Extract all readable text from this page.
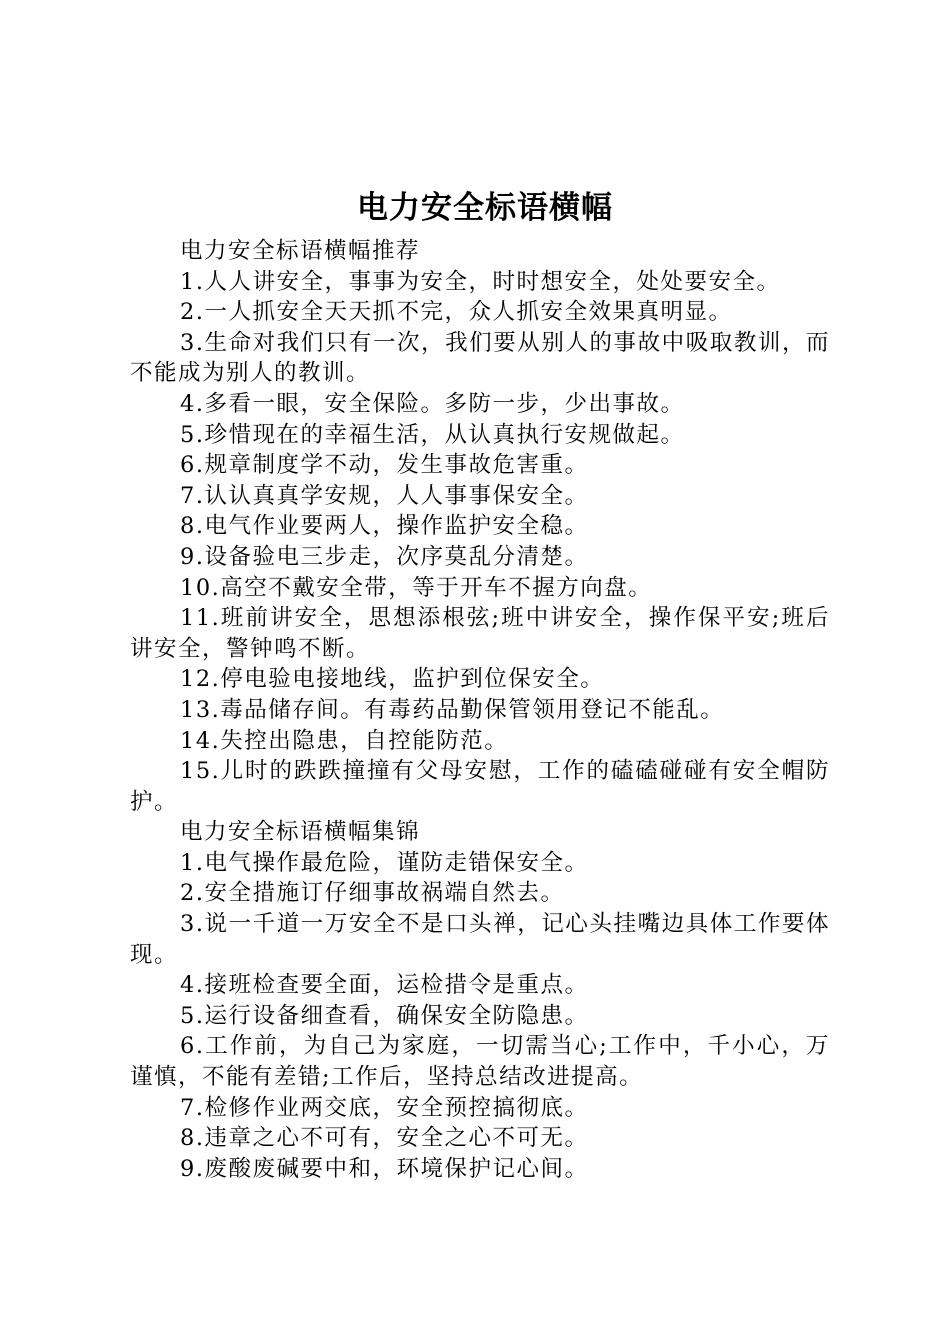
电力安全标语横幅

电力安全标语横幅推荐

1.人人讲安全，事事为安全，时时想安全，处处要安全。

2.一人抓安全天天抓不完，众人抓安全效果真明显。

3.生命对我们只有一次，我们要从别人的事故中吸取教训，而不能成为别人的教训。

4.多看一眼，安全保险。多防一步，少出事故。

5.珍惜现在的幸福生活，从认真执行安规做起。

6.规章制度学不动，发生事故危害重。

7.认认真真学安规，人人事事保安全。

8.电气作业要两人，操作监护安全稳。

9.设备验电三步走，次序莫乱分清楚。

10.高空不戴安全带，等于开车不握方向盘。

11.班前讲安全，思想添根弦;班中讲安全，操作保平安;班后讲安全，警钟鸣不断。

12.停电验电接地线，监护到位保安全。

13.毒品储存间。有毒药品勤保管领用登记不能乱。

14.失控出隐患，自控能防范。

15.儿时的跌跌撞撞有父母安慰，工作的磕磕碰碰有安全帽防护。

电力安全标语横幅集锦

1.电气操作最危险，谨防走错保安全。

2.安全措施订仔细事故祸端自然去。

3.说一千道一万安全不是口头禅，记心头挂嘴边具体工作要体现。

4.接班检查要全面，运检措令是重点。

5.运行设备细查看，确保安全防隐患。

6.工作前，为自己为家庭，一切需当心;工作中，千小心，万谨慎，不能有差错;工作后，坚持总结改进提高。

7.检修作业两交底，安全预控搞彻底。

8.违章之心不可有，安全之心不可无。

9.废酸废碱要中和，环境保护记心间。
